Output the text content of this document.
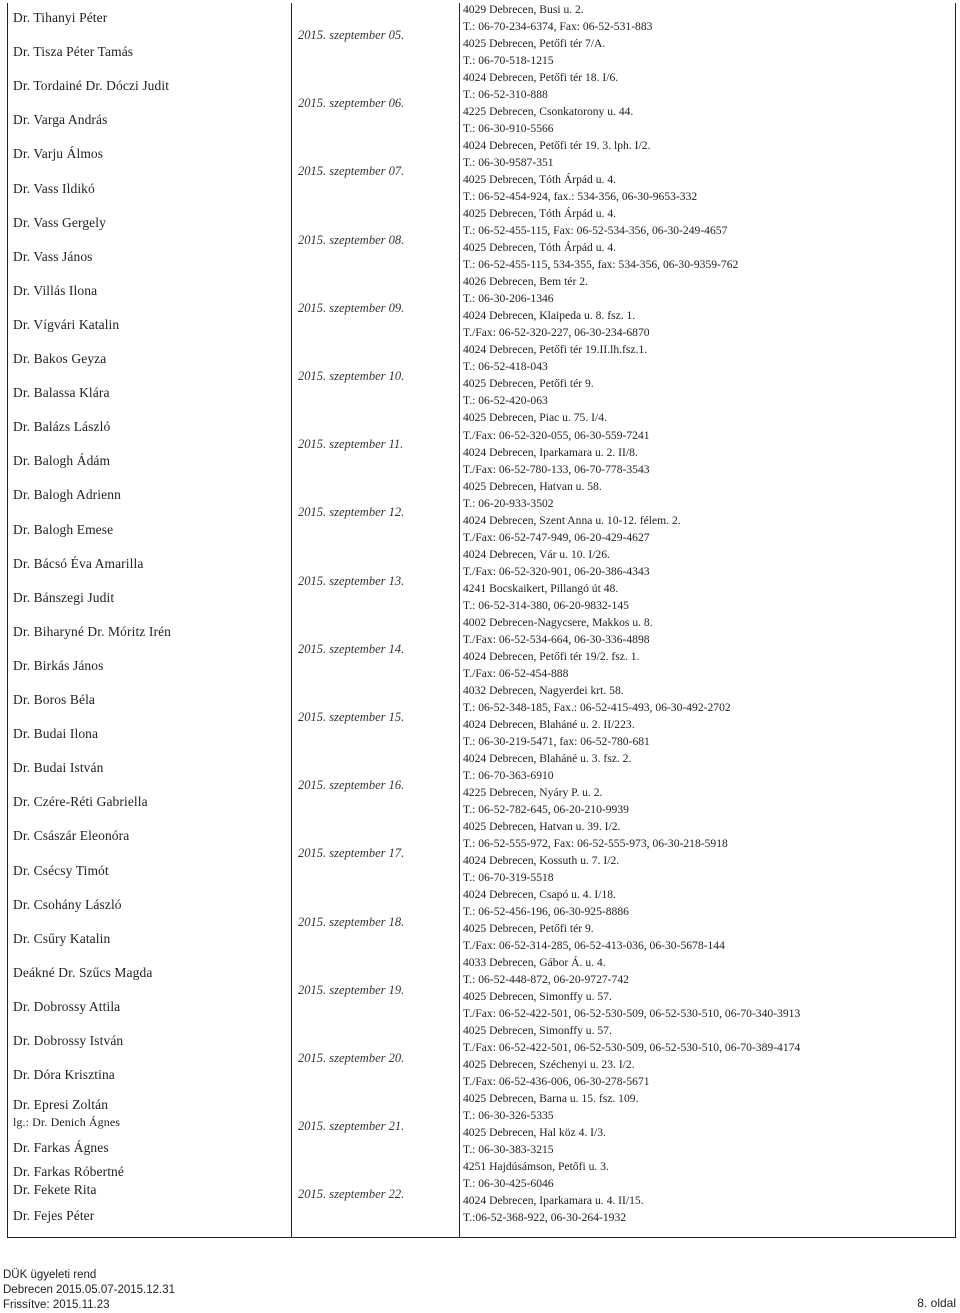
Dr. Tihanyi Péter
Dr. Tisza Péter Tamás
Dr. Tordainé Dr. Dóczi Judit
Dr. Varga András
Dr. Varju Álmos
Dr. Vass Ildikó
Dr. Vass Gergely
Dr. Vass János
Dr. Villás Ilona
Dr. Vígvári Katalin
Dr. Bakos Geyza
Dr. Balassa Klára
Dr. Balázs László
Dr. Balogh Ádám
Dr. Balogh Adrienn
Dr. Balogh Emese
Dr. Bácsó Éva Amarilla
Dr. Bánszegi Judit
Dr. Biharyné Dr. Móritz Irén
Dr. Birkás János
Dr. Boros Béla
Dr. Budai Ilona
Dr. Budai István
Dr. Czére-Réti Gabriella
Dr. Császár Eleonóra
Dr. Csécsy Timót
Dr. Csohány László
Dr. Csűry Katalin
Deákné Dr. Szűcs Magda
Dr. Dobrossy Attila
Dr. Dobrossy István
Dr. Dóra Krisztina
Dr. Epresi Zoltán
lg.: Dr. Denich Ágnes
Dr. Farkas Ágnes
Dr. Farkas Róbertné
Dr. Fekete Rita
Dr. Fejes Péter
2015. szeptember 05.
2015. szeptember 06.
2015. szeptember 07.
2015. szeptember 08.
2015. szeptember 09.
2015. szeptember 10.
2015. szeptember 11.
2015. szeptember 12.
2015. szeptember 13.
2015. szeptember 14.
2015. szeptember 15.
2015. szeptember 16.
2015. szeptember 17.
2015. szeptember 18.
2015. szeptember 19.
2015. szeptember 20.
2015. szeptember 21.
2015. szeptember 22.
4029 Debrecen, Busi u. 2.
T.: 06-70-234-6374, Fax: 06-52-531-883
4025 Debrecen, Petőfi tér 7/A.
T.: 06-70-518-1215
4024 Debrecen, Petőfi tér 18. I/6.
T.: 06-52-310-888
4225 Debrecen, Csonkatorony u. 44.
T.: 06-30-910-5566
4024 Debrecen, Petőfi tér 19. 3. lph. I/2.
T.: 06-30-9587-351
4025 Debrecen, Tóth Árpád u. 4.
T.: 06-52-454-924, fax.: 534-356, 06-30-9653-332
4025 Debrecen, Tóth Árpád u. 4.
T.: 06-52-455-115, Fax: 06-52-534-356, 06-30-249-4657
4025 Debrecen, Tóth Árpád u. 4.
T.: 06-52-455-115, 534-355, fax: 534-356, 06-30-9359-762
4026 Debrecen, Bem tér 2.
T.: 06-30-206-1346
4024 Debrecen, Klaipeda u. 8. fsz. 1.
T./Fax: 06-52-320-227, 06-30-234-6870
4024 Debrecen, Petőfi tér 19.II.lh.fsz.1.
T.: 06-52-418-043
4025 Debrecen, Petőfi tér 9.
T.: 06-52-420-063
4025 Debrecen, Piac u. 75. I/4.
T./Fax: 06-52-320-055, 06-30-559-7241
4024 Debrecen, Iparkamara u. 2. II/8.
T./Fax: 06-52-780-133, 06-70-778-3543
4025 Debrecen, Hatvan u. 58.
T.: 06-20-933-3502
4024 Debrecen, Szent Anna u. 10-12. félem. 2.
T./Fax: 06-52-747-949, 06-20-429-4627
4024 Debrecen, Vár u. 10. I/26.
T./Fax: 06-52-320-901, 06-20-386-4343
4241 Bocskaikert, Pillangó út 48.
T.: 06-52-314-380, 06-20-9832-145
4002 Debrecen-Nagycsere, Makkos u. 8.
T./Fax: 06-52-534-664, 06-30-336-4898
4024 Debrecen, Petőfi tér 19/2. fsz. 1.
T./Fax: 06-52-454-888
4032 Debrecen, Nagyerdei krt. 58.
T.: 06-52-348-185, Fax.: 06-52-415-493, 06-30-492-2702
4024 Debrecen, Blaháné u. 2. II/223.
T.: 06-30-219-5471, fax: 06-52-780-681
4024 Debrecen, Blaháné u. 3. fsz. 2.
T.: 06-70-363-6910
4225 Debrecen, Nyáry P. u. 2.
T.: 06-52-782-645, 06-20-210-9939
4025 Debrecen, Hatvan u. 39. I/2.
T.: 06-52-555-972, Fax: 06-52-555-973, 06-30-218-5918
4024 Debrecen, Kossuth u. 7. I/2.
T.: 06-70-319-5518
4024 Debrecen, Csapó u. 4. I/18.
T.: 06-52-456-196, 06-30-925-8886
4025 Debrecen, Petőfi tér 9.
T./Fax: 06-52-314-285, 06-52-413-036, 06-30-5678-144
4033 Debrecen, Gábor Á. u. 4.
T.: 06-52-448-872, 06-20-9727-742
4025 Debrecen, Simonffy u. 57.
T./Fax: 06-52-422-501, 06-52-530-509, 06-52-530-510, 06-70-340-3913
4025 Debrecen, Simonffy u. 57.
T./Fax: 06-52-422-501, 06-52-530-509, 06-52-530-510, 06-70-389-4174
4025 Debrecen, Széchenyi u. 23. I/2.
T./Fax: 06-52-436-006, 06-30-278-5671
4025 Debrecen, Barna u. 15. fsz. 109.
T.: 06-30-326-5335
4025 Debrecen, Hal köz 4. I/3.
T.: 06-30-383-3215
4251 Hajdúsámson, Petőfi u. 3.
T.: 06-30-425-6046
4024 Debrecen, Iparkamara u. 4. II/15.
T.:06-52-368-922, 06-30-264-1932
DÜK ügyeleti rend
Debrecen 2015.05.07-2015.12.31
Frissítve: 2015.11.23	8. oldal
